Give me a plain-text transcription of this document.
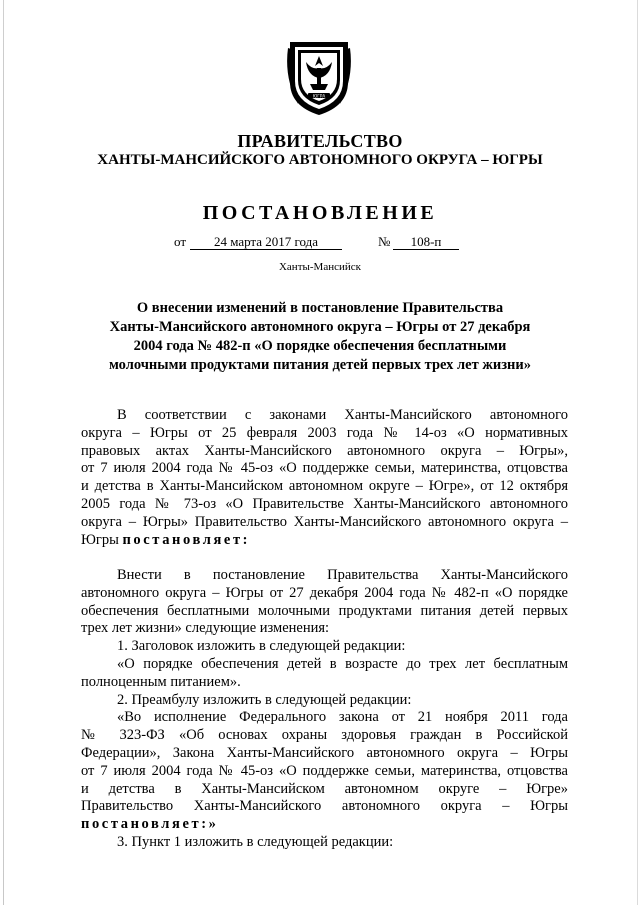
ЮГРА
ПРАВИТЕЛЬСТВО
ХАНТЫ-МАНСИЙСКОГО АВТОНОМНОГО ОКРУГА – ЮГРЫ
ПОСТАНОВЛЕНИЕ
от	24 марта 2017 года	№	108-п
Ханты-Мансийск
О внесении изменений в постановление Правительства
Ханты-Мансийского автономного округа – Югры от 27 декабря
2004 года № 482-п «О порядке обеспечения бесплатными
молочными продуктами питания детей первых трех лет жизни»
В соответствии с законами Ханты-Мансийского автономного
округа – Югры от 25 февраля 2003 года № 14-оз «О нормативных
правовых актах Ханты-Мансийского автономного округа – Югры»,
от 7 июля 2004 года № 45-оз «О поддержке семьи, материнства, отцовства
и детства в Ханты-Мансийском автономном округе – Югре», от 12 октября
2005 года № 73-оз «О Правительстве Ханты-Мансийского автономного
округа – Югры» Правительство Ханты-Мансийского автономного округа –
Югры постановляет:
Внести в постановление Правительства Ханты-Мансийского
автономного округа – Югры от 27 декабря 2004 года № 482-п «О порядке
обеспечения бесплатными молочными продуктами питания детей первых
трех лет жизни» следующие изменения:
1. Заголовок изложить в следующей редакции:
«О порядке обеспечения детей в возрасте до трех лет бесплатным
полноценным питанием».
2. Преамбулу изложить в следующей редакции:
«Во исполнение Федерального закона от 21 ноября 2011 года
№ 323-ФЗ «Об основах охраны здоровья граждан в Российской
Федерации», Закона Ханты-Мансийского автономного округа – Югры
от 7 июля 2004 года № 45-оз «О поддержке семьи, материнства, отцовства
и детства в Ханты-Мансийском автономном округе – Югре»
Правительство Ханты-Мансийского автономного округа – Югры
постановляет:»
3. Пункт 1 изложить в следующей редакции:
